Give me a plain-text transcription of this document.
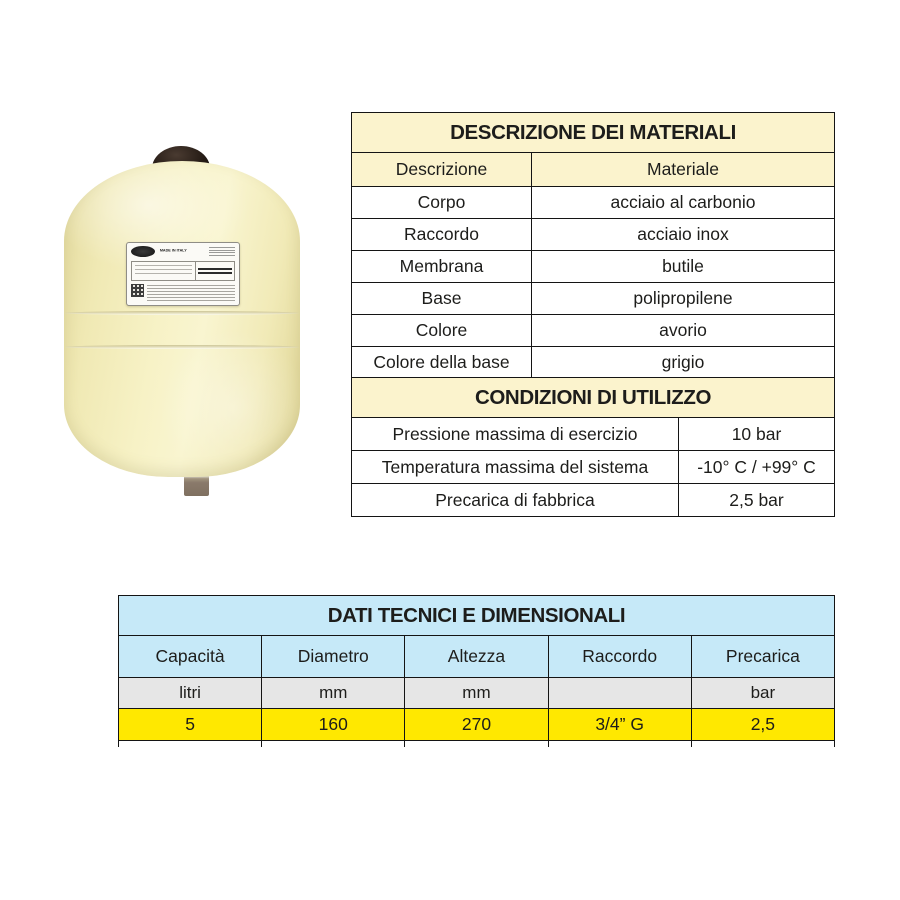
MADE IN ITALY
DESCRIZIONE DEI MATERIALI	
Descrizione	Materiale
Corpo	acciaio al carbonio
Raccordo	acciaio inox
Membrana	butile
Base	polipropilene
Colore	avorio
Colore della base	grigio
CONDIZIONI DI UTILIZZO	
Pressione massima di esercizio	10 bar
Temperatura massima del sistema	-10° C / +99° C
Precarica di fabbrica	2,5 bar
DATI TECNICI E DIMENSIONALI				
Capacità	Diametro	Altezza	Raccordo	Precarica
litri	mm	mm		bar
5	160	270	3/4” G	2,5
